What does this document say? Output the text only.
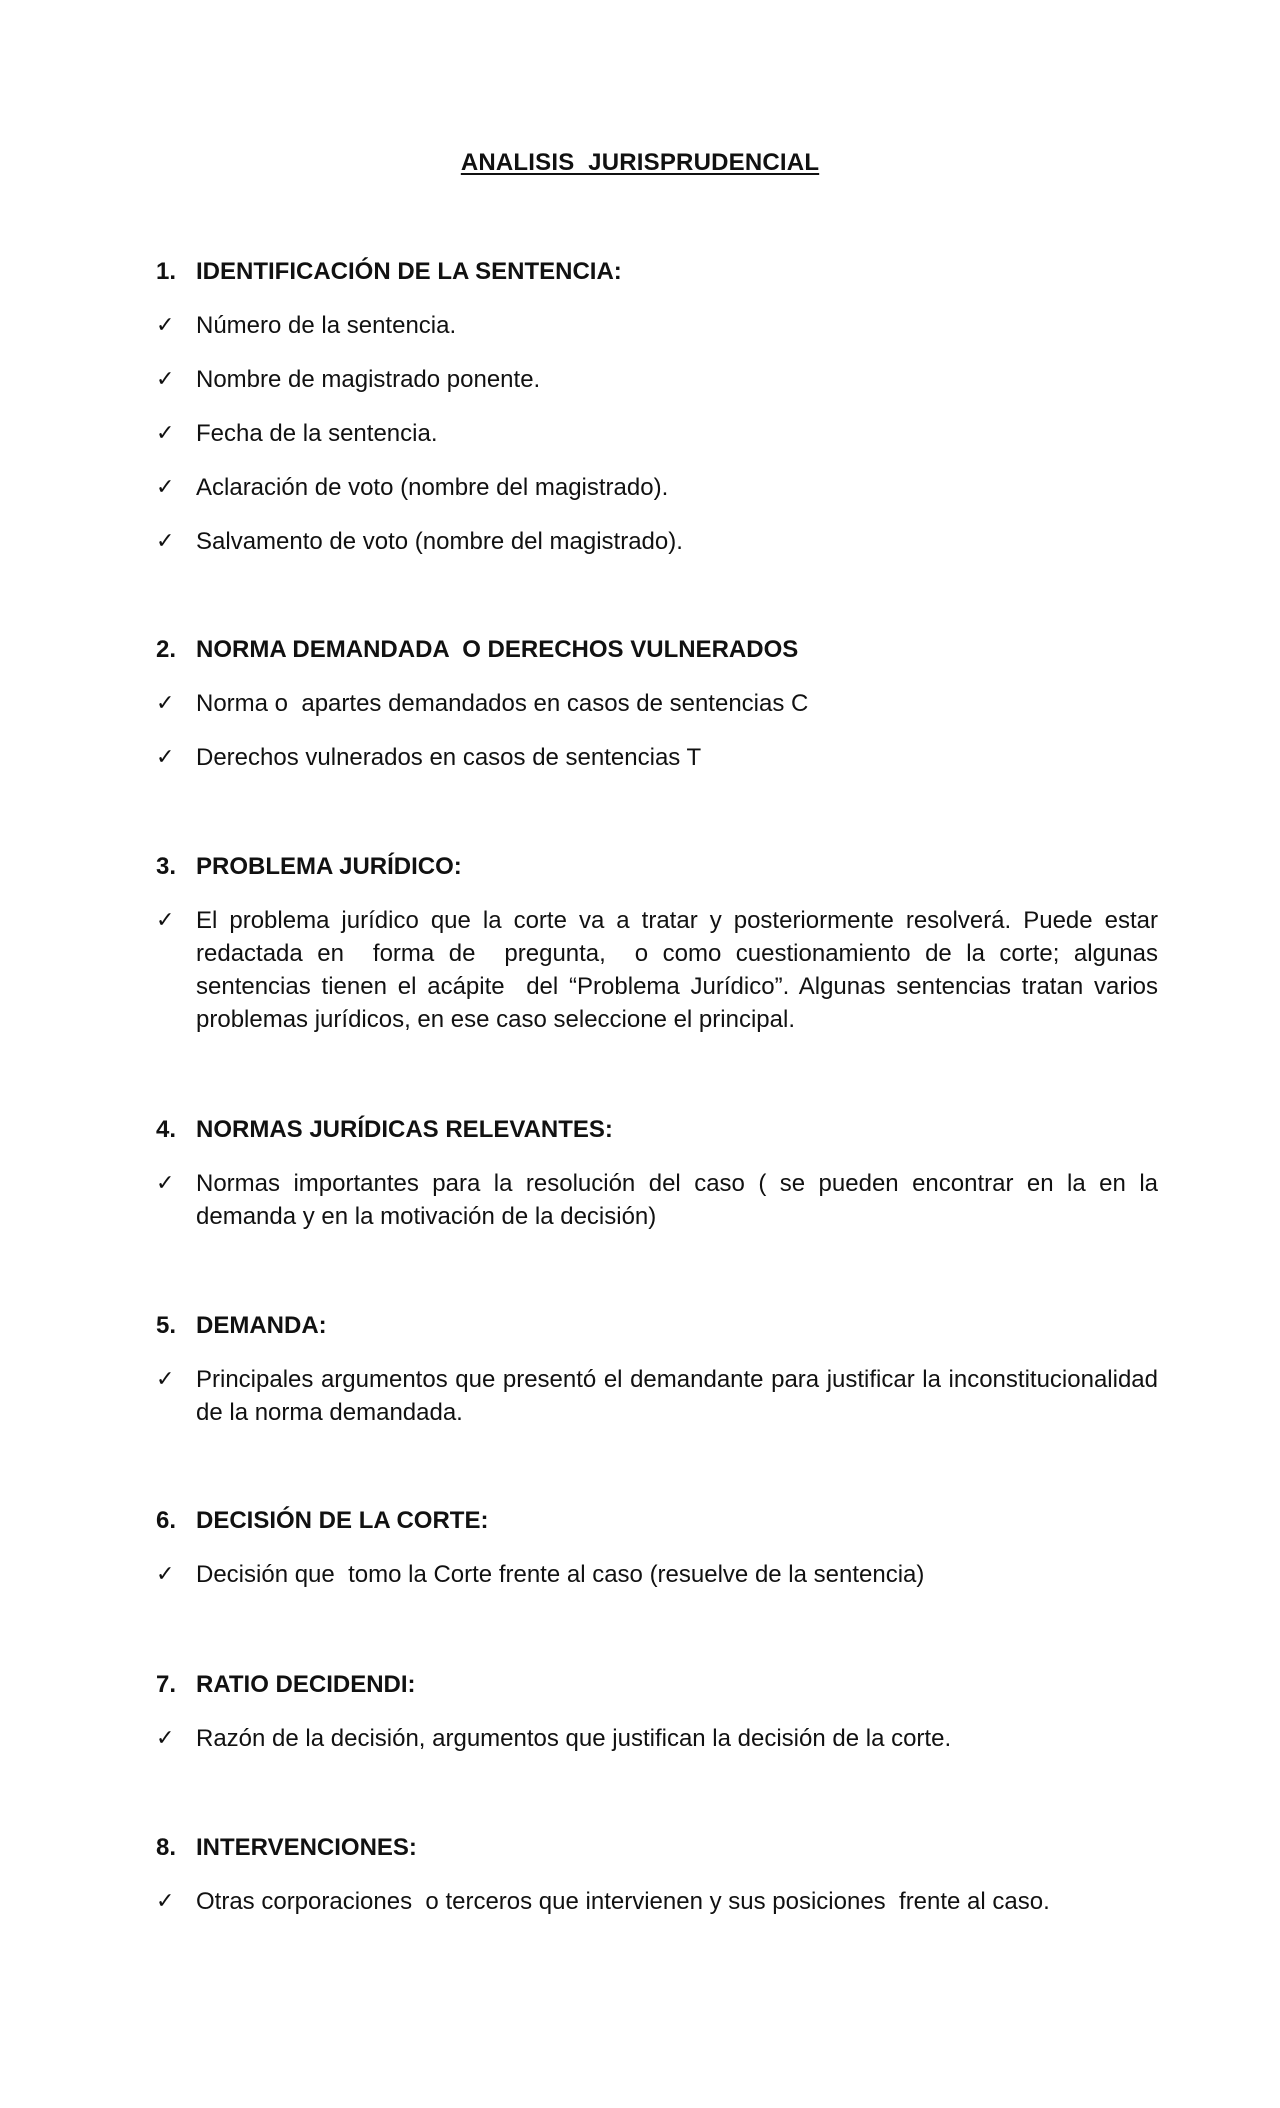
ANALISIS  JURISPRUDENCIAL
1. IDENTIFICACIÓN DE LA SENTENCIA:
✓ Número de la sentencia.
✓ Nombre de magistrado ponente.
✓ Fecha de la sentencia.
✓ Aclaración de voto (nombre del magistrado).
✓ Salvamento de voto (nombre del magistrado).
2. NORMA DEMANDADA  O DERECHOS VULNERADOS
✓ Norma o  apartes demandados en casos de sentencias C
✓ Derechos vulnerados en casos de sentencias T
3. PROBLEMA JURÍDICO:
✓ El problema jurídico que la corte va a tratar y posteriormente resolverá. Puede estar redactada en  forma de  pregunta,  o como cuestionamiento de la corte; algunas sentencias tienen el acápite  del “Problema Jurídico”. Algunas sentencias tratan varios problemas jurídicos, en ese caso seleccione el principal.
4. NORMAS JURÍDICAS RELEVANTES:
✓ Normas importantes para la resolución del caso ( se pueden encontrar en la en la demanda y en la motivación de la decisión)
5. DEMANDA:
✓ Principales argumentos que presentó el demandante para justificar la inconstitucionalidad de la norma demandada.
6. DECISIÓN DE LA CORTE:
✓ Decisión que  tomo la Corte frente al caso (resuelve de la sentencia)
7. RATIO DECIDENDI:
✓ Razón de la decisión, argumentos que justifican la decisión de la corte.
8. INTERVENCIONES:
✓ Otras corporaciones  o terceros que intervienen y sus posiciones  frente al caso.
